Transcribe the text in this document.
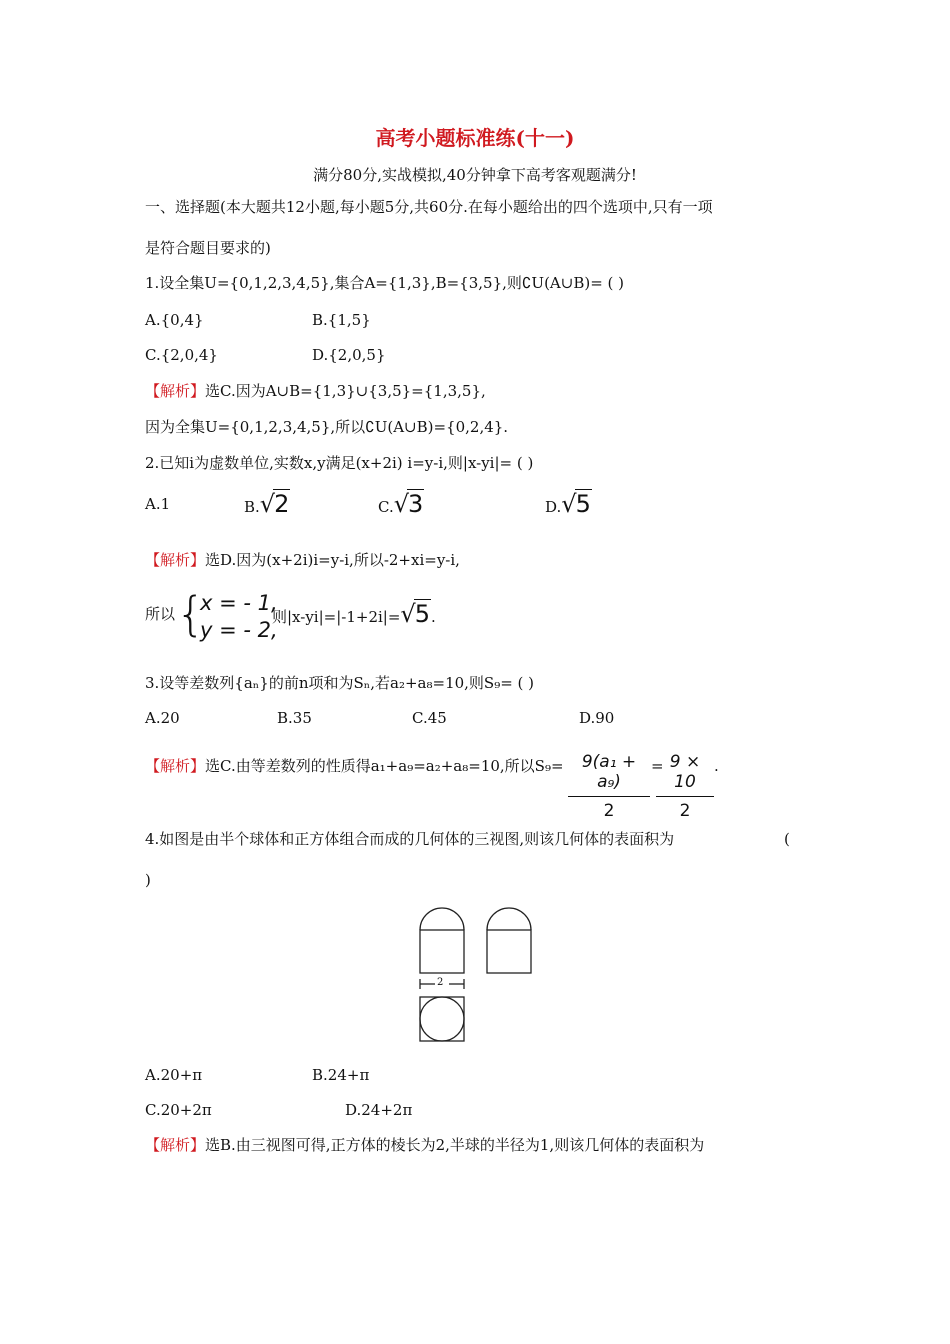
高考小题标准练(十一)
满分80分,实战模拟,40分钟拿下高考客观题满分!
一、选择题(本大题共12小题,每小题5分,共60分.在每小题给出的四个选项中,只有一项
是符合题目要求的)
1.设全集U={0,1,2,3,4,5},集合A={1,3},B={3,5},则∁U(A∪B)= ( )
A.{0,4}	B.{1,5}
C.{2,0,4}	D.{2,0,5}
【解析】选C.因为A∪B={1,3}∪{3,5}={1,3,5},
因为全集U={0,1,2,3,4,5},所以∁U(A∪B)={0,2,4}.
2.已知i为虚数单位,实数x,y满足(x+2i) i=y-i,则|x-yi|= ( )
A.1	B.√2	C.√3	D.√5
【解析】选D.因为(x+2i)i=y-i,所以-2+xi=y-i,
所以 {
x = - 1,
y = - 2,
则|x-yi|=|-1+2i|=√5.
3.设等差数列{aₙ}的前n项和为Sₙ,若a₂+a₈=10,则S₉= ( )
A.20	B.35	C.45	D.90
【解析】选C.由等差数列的性质得a₁+a₉=a₂+a₈=10,所以$S_9= \frac{\text{9(a₁ + a₉)}}{2}$ =
$\frac{9 \times 10}{2}$ .
4.如图是由半个球体和正方体组合而成的几何体的三视图,则该几何体的表面积为	(
)
2
A.20+π	B.24+π
C.20+2π	D.24+2π
【解析】选B.由三视图可得,正方体的棱长为2,半球的半径为1,则该几何体的表面积为
